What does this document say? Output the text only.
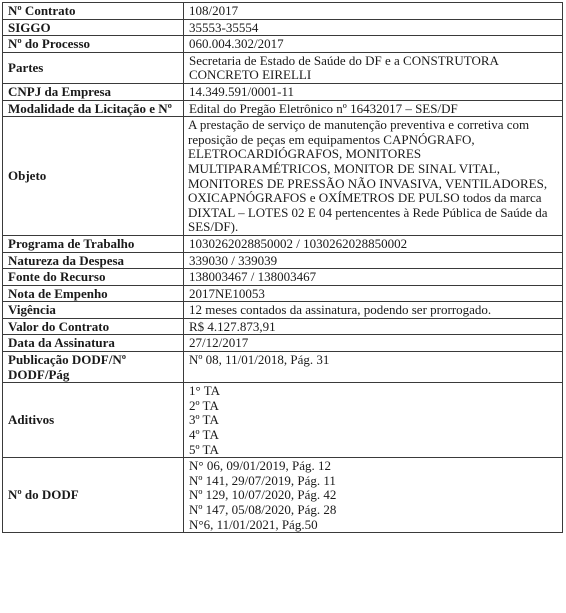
Nº Contrato	108/2017
SIGGO	35553-35554
Nº do Processo	060.004.302/2017
Partes	Secretaria de Estado de Saúde do DF e a CONSTRUTORA CONCRETO EIRELLI
CNPJ da Empresa	14.349.591/0001-11
Modalidade da Licitação e Nº	Edital do Pregão Eletrônico nº 16432017 – SES/DF
Objeto	A prestação de serviço de manutenção preventiva e corretiva com reposição de peças em equipamentos CAPNÓGRAFO, ELETROCARDIÓGRAFOS, MONITORES MULTIPARAMÉTRICOS, MONITOR DE SINAL VITAL, MONITORES DE PRESSÃO NÃO INVASIVA, VENTILADORES, OXICAPNÓGRAFOS e OXÍMETROS DE PULSO todos da marca DIXTAL – LOTES 02 E 04 pertencentes à Rede Pública de Saúde da SES/DF).
Programa de Trabalho	1030262028850002 / 1030262028850002
Natureza da Despesa	339030 / 339039
Fonte do Recurso	138003467 / 138003467
Nota de Empenho	2017NE10053
Vigência	12 meses contados da assinatura, podendo ser prorrogado.
Valor do Contrato	R$ 4.127.873,91
Data da Assinatura	27/12/2017
Publicação DODF/Nº DODF/Pág	Nº 08, 11/01/2018, Pág. 31
Aditivos	1° TA
2º TA
3º TA
4º TA
5º TA

Nº do DODF	N° 06, 09/01/2019, Pág. 12
Nº 141, 29/07/2019, Pág. 11
Nº 129, 10/07/2020, Pág. 42
Nº 147, 05/08/2020, Pág. 28
N°6, 11/01/2021, Pág.50
